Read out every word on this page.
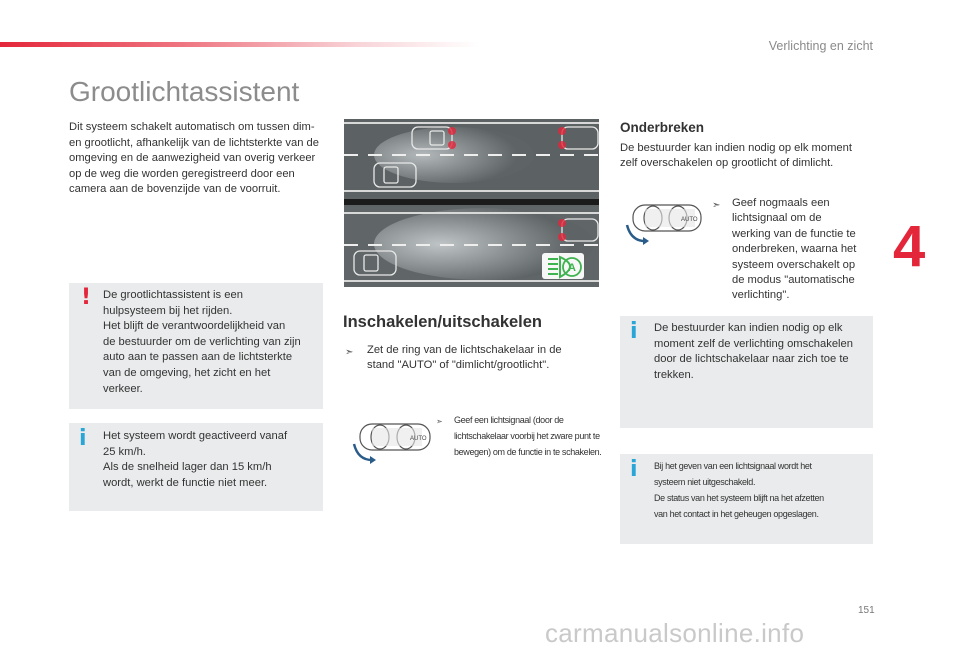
Verlichting en zicht
4
Grootlichtassistent

Dit systeem schakelt automatisch om tussen dim- en grootlicht, afhankelijk van de lichtsterkte van de omgeving en de aanwezigheid van overig verkeer op de weg die worden geregistreerd door een camera aan de bovenzijde van de voorruit.

! De grootlichtassistent is een
hulpsysteem bij het rijden.
Het blijft de verantwoordelijkheid van
de bestuurder om de verlichting van zijn
auto aan te passen aan de lichtsterkte
van de omgeving, het zicht en het
verkeer.
i Het systeem wordt geactiveerd vanaf
25 km/h.
Als de snelheid lager dan 15 km/h
wordt, werkt de functie niet meer.
A
Inschakelen/uitschakelen
➣ Zet de ring van de lichtschakelaar in de
stand "AUTO" of "dimlicht/grootlicht".
AUTO
➣ Geef een lichtsignaal (door de
lichtschakelaar voorbij het zware punt te
bewegen) om de functie in te schakelen.
Onderbreken
De bestuurder kan indien nodig op elk moment
zelf overschakelen op grootlicht of dimlicht.
AUTO
➣ Geef nogmaals een
lichtsignaal om de
werking van de functie te
onderbreken, waarna het
systeem overschakelt op
de modus "automatische
verlichting".
i De bestuurder kan indien nodig op elk
moment zelf de verlichting omschakelen
door de lichtschakelaar naar zich toe te
trekken.
i Bij het geven van een lichtsignaal wordt het
systeem niet uitgeschakeld.
De status van het systeem blijft na het afzetten
van het contact in het geheugen opgeslagen.
151
carmanualsonline.info
